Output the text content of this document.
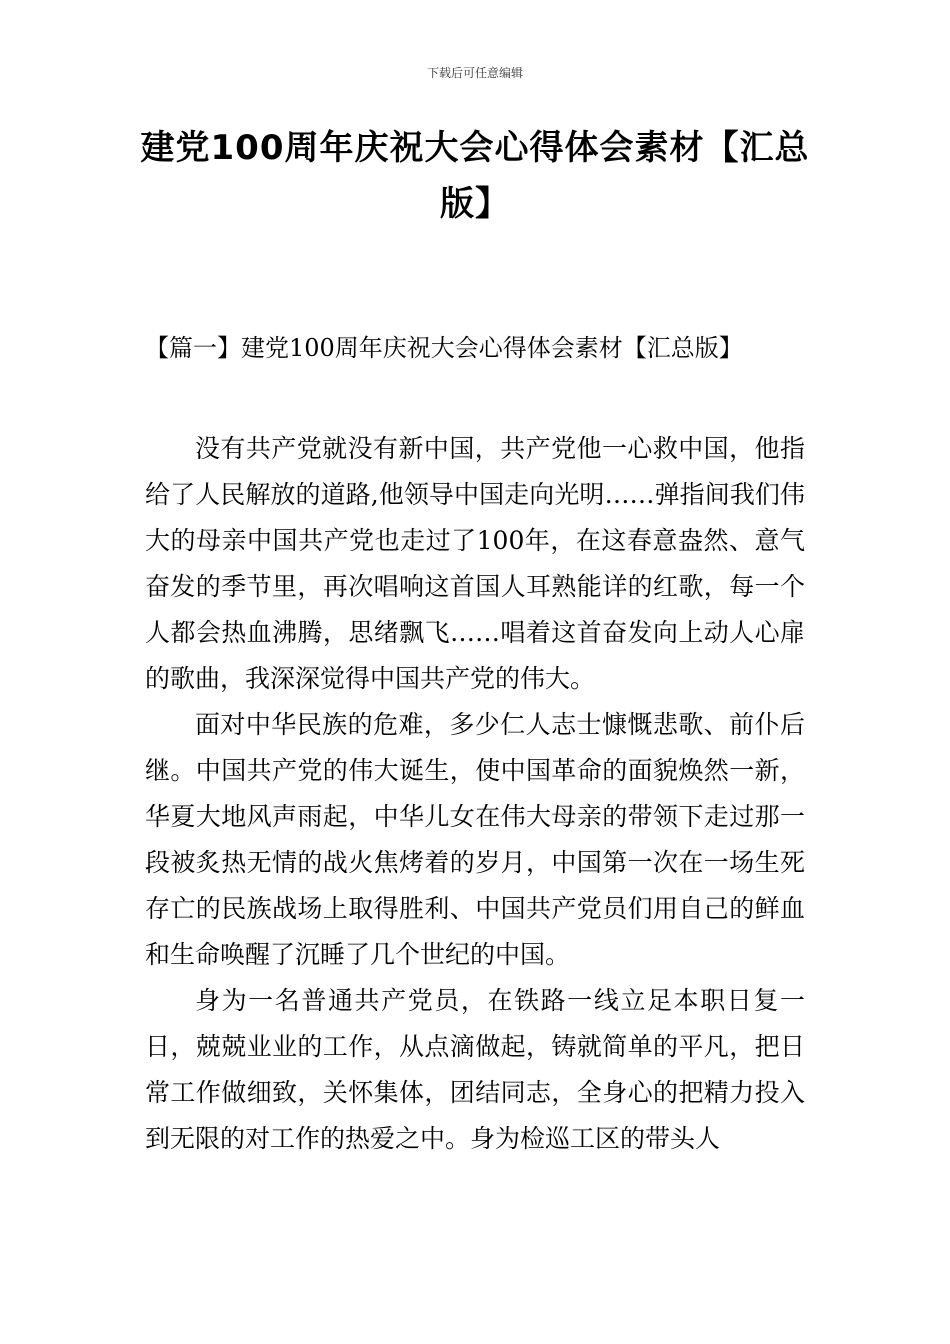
下载后可任意编辑
建党100周年庆祝大会心得体会素材【汇总版】
【篇一】建党100周年庆祝大会心得体会素材【汇总版】

没有共产党就没有新中国，共产党他一心救中国，他指给了人民解放的道路,他领导中国走向光明……弹指间我们伟大的母亲中国共产党也走过了100年，在这春意盎然、意气奋发的季节里，再次唱响这首国人耳熟能详的红歌，每一个人都会热血沸腾，思绪飘飞……唱着这首奋发向上动人心扉的歌曲，我深深觉得中国共产党的伟大。

面对中华民族的危难，多少仁人志士慷慨悲歌、前仆后继。中国共产党的伟大诞生，使中国革命的面貌焕然一新，华夏大地风声雨起，中华儿女在伟大母亲的带领下走过那一段被炙热无情的战火焦烤着的岁月，中国第一次在一场生死存亡的民族战场上取得胜利、中国共产党员们用自己的鲜血和生命唤醒了沉睡了几个世纪的中国。

身为一名普通共产党员，在铁路一线立足本职日复一日，兢兢业业的工作，从点滴做起，铸就简单的平凡，把日常工作做细致，关怀集体，团结同志，全身心的把精力投入到无限的对工作的热爱之中。身为检巡工区的带头人
